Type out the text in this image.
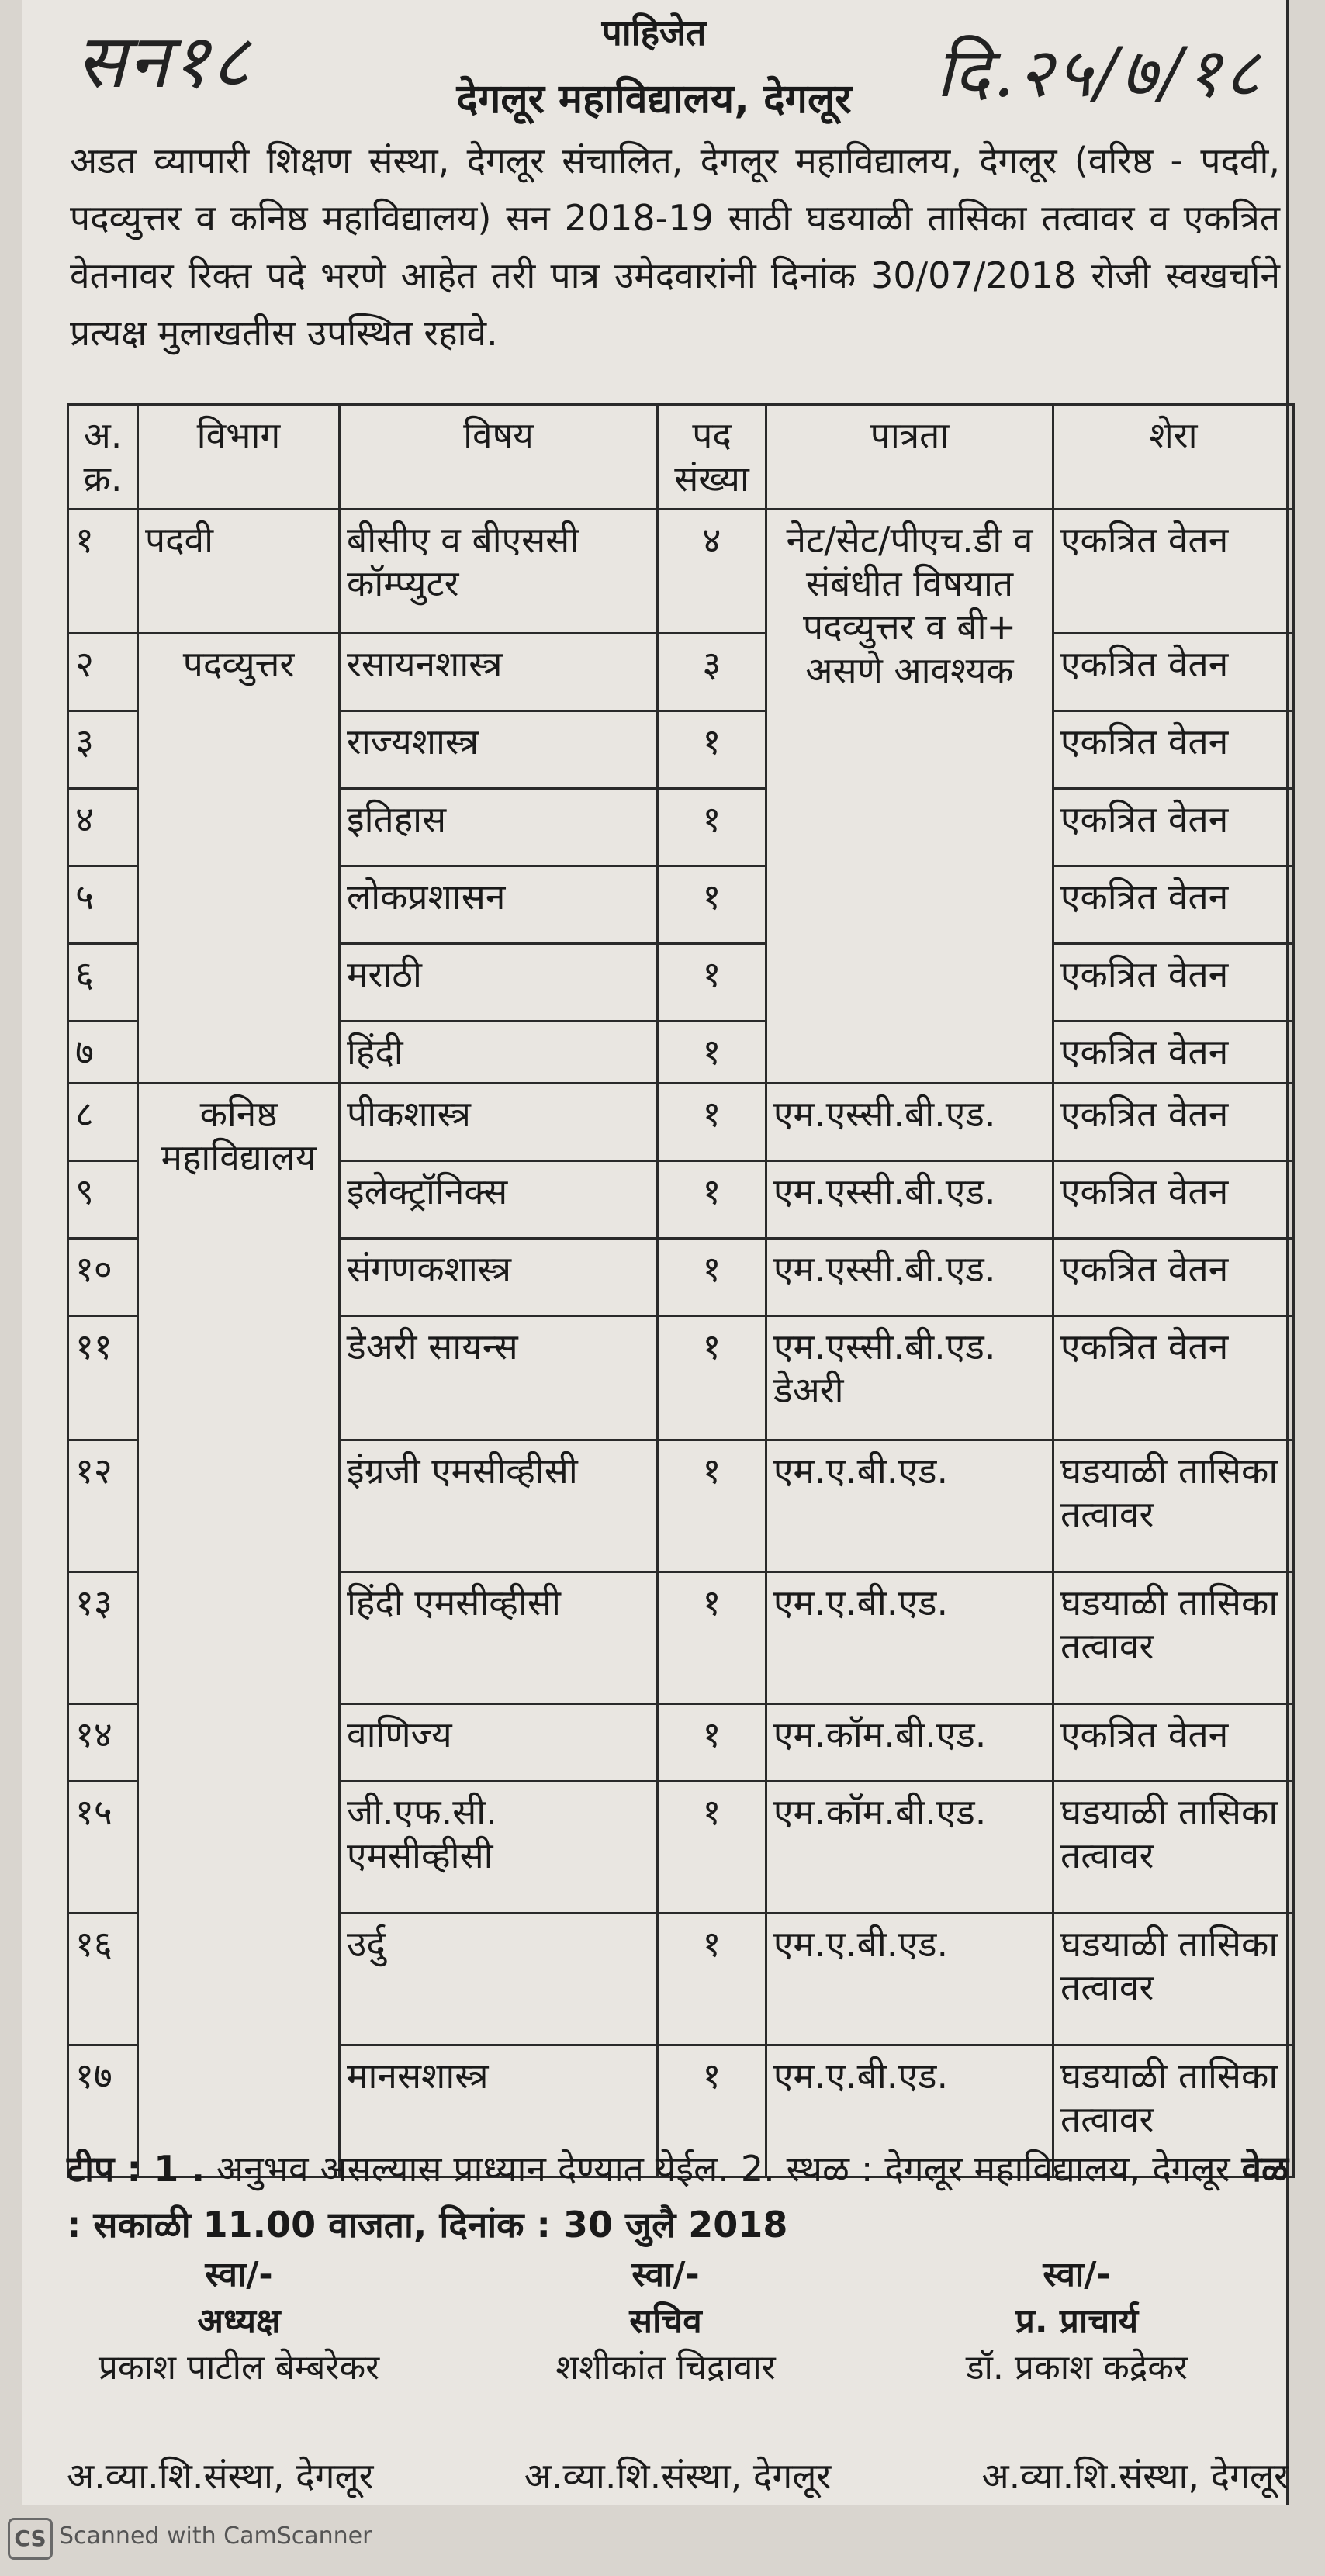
सन१८	दि.२५/७/१८
पाहिजेत
देगलूर महाविद्यालय, देगलूर
अडत व्यापारी शिक्षण संस्था, देगलूर संचालित, देगलूर महाविद्यालय, देगलूर (वरिष्ठ - पदवी, पदव्युत्तर व कनिष्ठ महाविद्यालय) सन 2018-19 साठी घडयाळी तासिका तत्वावर व एकत्रित वेतनावर रिक्त पदे भरणे आहेत तरी पात्र उमेदवारांनी दिनांक 30/07/2018 रोजी स्वखर्चाने प्रत्यक्ष मुलाखतीस उपस्थित रहावे.
अ. क्र.	विभाग	विषय	पद संख्या	पात्रता	शेरा
१	पदवी	बीसीए व बीएससी कॉम्प्युटर	४	नेट/सेट/पीएच.डी व संबंधीत विषयात पदव्युत्तर व बी+ असणे आवश्यक	एकत्रित वेतन
२	पदव्युत्तर	रसायनशास्त्र	३		एकत्रित वेतन
३		राज्यशास्त्र	१		एकत्रित वेतन
४		इतिहास	१		एकत्रित वेतन
५		लोकप्रशासन	१		एकत्रित वेतन
६		मराठी	१		एकत्रित वेतन
७		हिंदी	१		एकत्रित वेतन
८	कनिष्ठ महाविद्यालय	पीकशास्त्र	१	एम.एस्सी.बी.एड.	एकत्रित वेतन
९		इलेक्ट्रॉनिक्स	१	एम.एस्सी.बी.एड.	एकत्रित वेतन
१०		संगणकशास्त्र	१	एम.एस्सी.बी.एड.	एकत्रित वेतन
११		डेअरी सायन्स	१	एम.एस्सी.बी.एड. डेअरी	एकत्रित वेतन
१२		इंग्रजी एमसीव्हीसी	१	एम.ए.बी.एड.	घडयाळी तासिका तत्वावर
१३		हिंदी एमसीव्हीसी	१	एम.ए.बी.एड.	घडयाळी तासिका तत्वावर
१४		वाणिज्य	१	एम.कॉम.बी.एड.	एकत्रित वेतन
१५		जी.एफ.सी. एमसीव्हीसी	१	एम.कॉम.बी.एड.	घडयाळी तासिका तत्वावर
१६		उर्दु	१	एम.ए.बी.एड.	घडयाळी तासिका तत्वावर
१७		मानसशास्त्र	१	एम.ए.बी.एड.	घडयाळी तासिका तत्वावर
टीप : 1 . अनुभव असल्यास प्राध्यान देण्यात येईल. 2. स्थळ : देगलूर महाविद्यालय, देगलूर वेळ : सकाळी 11.00 वाजता, दिनांक : 30 जुलै 2018
स्वा/-
अध्यक्ष
प्रकाश पाटील बेम्बरेकर
स्वा/-
सचिव
शशीकांत चिद्रावार
स्वा/-
प्र. प्राचार्य
डॉ. प्रकाश कद्रेकर
अ.व्या.शि.संस्था, देगलूर	अ.व्या.शि.संस्था, देगलूर	अ.व्या.शि.संस्था, देगलूर
CS Scanned with CamScanner
